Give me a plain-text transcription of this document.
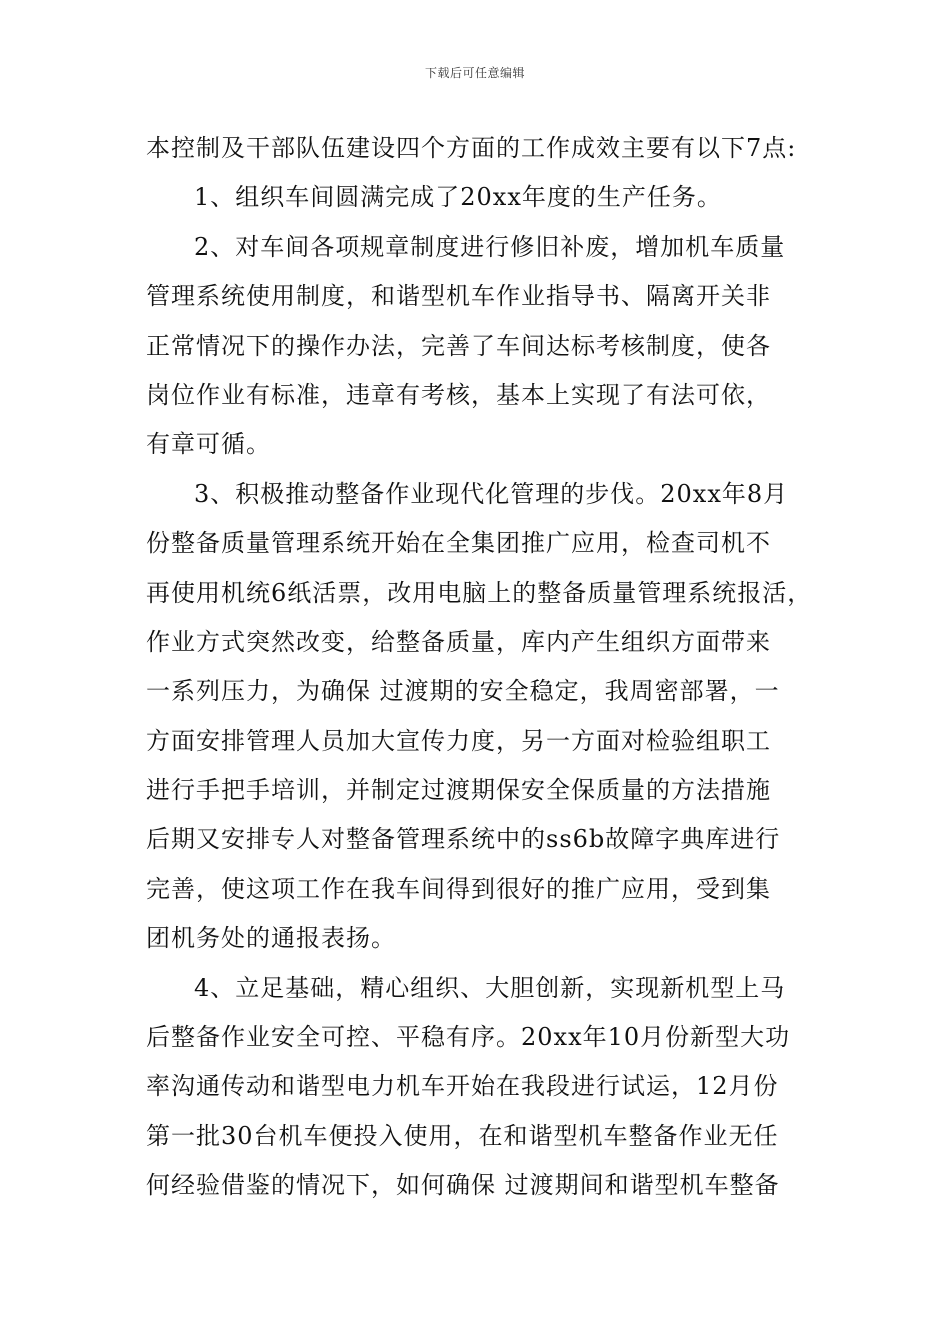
下载后可任意编辑
本控制及干部队伍建设四个方面的工作成效主要有以下7点:
1、组织车间圆满完成了20xx年度的生产任务。
2、对车间各项规章制度进行修旧补废，增加机车质量
管理系统使用制度，和谐型机车作业指导书、隔离开关非
正常情况下的操作办法，完善了车间达标考核制度，使各
岗位作业有标准，违章有考核，基本上实现了有法可依，
有章可循。
3、积极推动整备作业现代化管理的步伐。20xx年8月
份整备质量管理系统开始在全集团推广应用，检查司机不
再使用机统6纸活票，改用电脑上的整备质量管理系统报活，
作业方式突然改变，给整备质量，库内产生组织方面带来
一系列压力，为确保 过渡期的安全稳定，我周密部署，一
方面安排管理人员加大宣传力度，另一方面对检验组职工
进行手把手培训，并制定过渡期保安全保质量的方法措施
后期又安排专人对整备管理系统中的ss6b故障字典库进行
完善，使这项工作在我车间得到很好的推广应用，受到集
团机务处的通报表扬。
4、立足基础，精心组织、大胆创新，实现新机型上马
后整备作业安全可控、平稳有序。20xx年10月份新型大功
率沟通传动和谐型电力机车开始在我段进行试运，12月份
第一批30台机车便投入使用，在和谐型机车整备作业无任
何经验借鉴的情况下，如何确保 过渡期间和谐型机车整备
